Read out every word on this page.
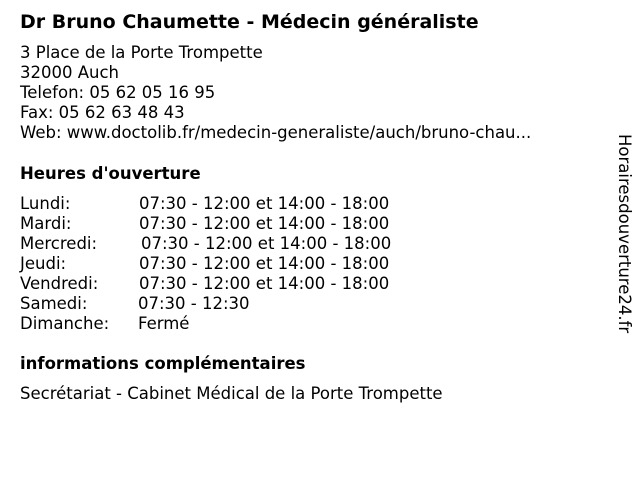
Dr Bruno Chaumette - Médecin généraliste
3 Place de la Porte Trompette
32000 Auch
Telefon: 05 62 05 16 95
Fax: 05 62 63 48 43
Web: www.doctolib.fr/medecin-generaliste/auch/bruno-chau...
Heures d'ouverture
Lundi:	07:30 - 12:00 et 14:00 - 18:00
Mardi:	07:30 - 12:00 et 14:00 - 18:00
Mercredi:	07:30 - 12:00 et 14:00 - 18:00
Jeudi:	07:30 - 12:00 et 14:00 - 18:00
Vendredi: 07:30 - 12:00 et 14:00 - 18:00
Samedi:	07:30 - 12:30
Dimanche: Fermé
informations complémentaires
Secrétariat - Cabinet Médical de la Porte Trompette
Horairesdouverture24.fr
